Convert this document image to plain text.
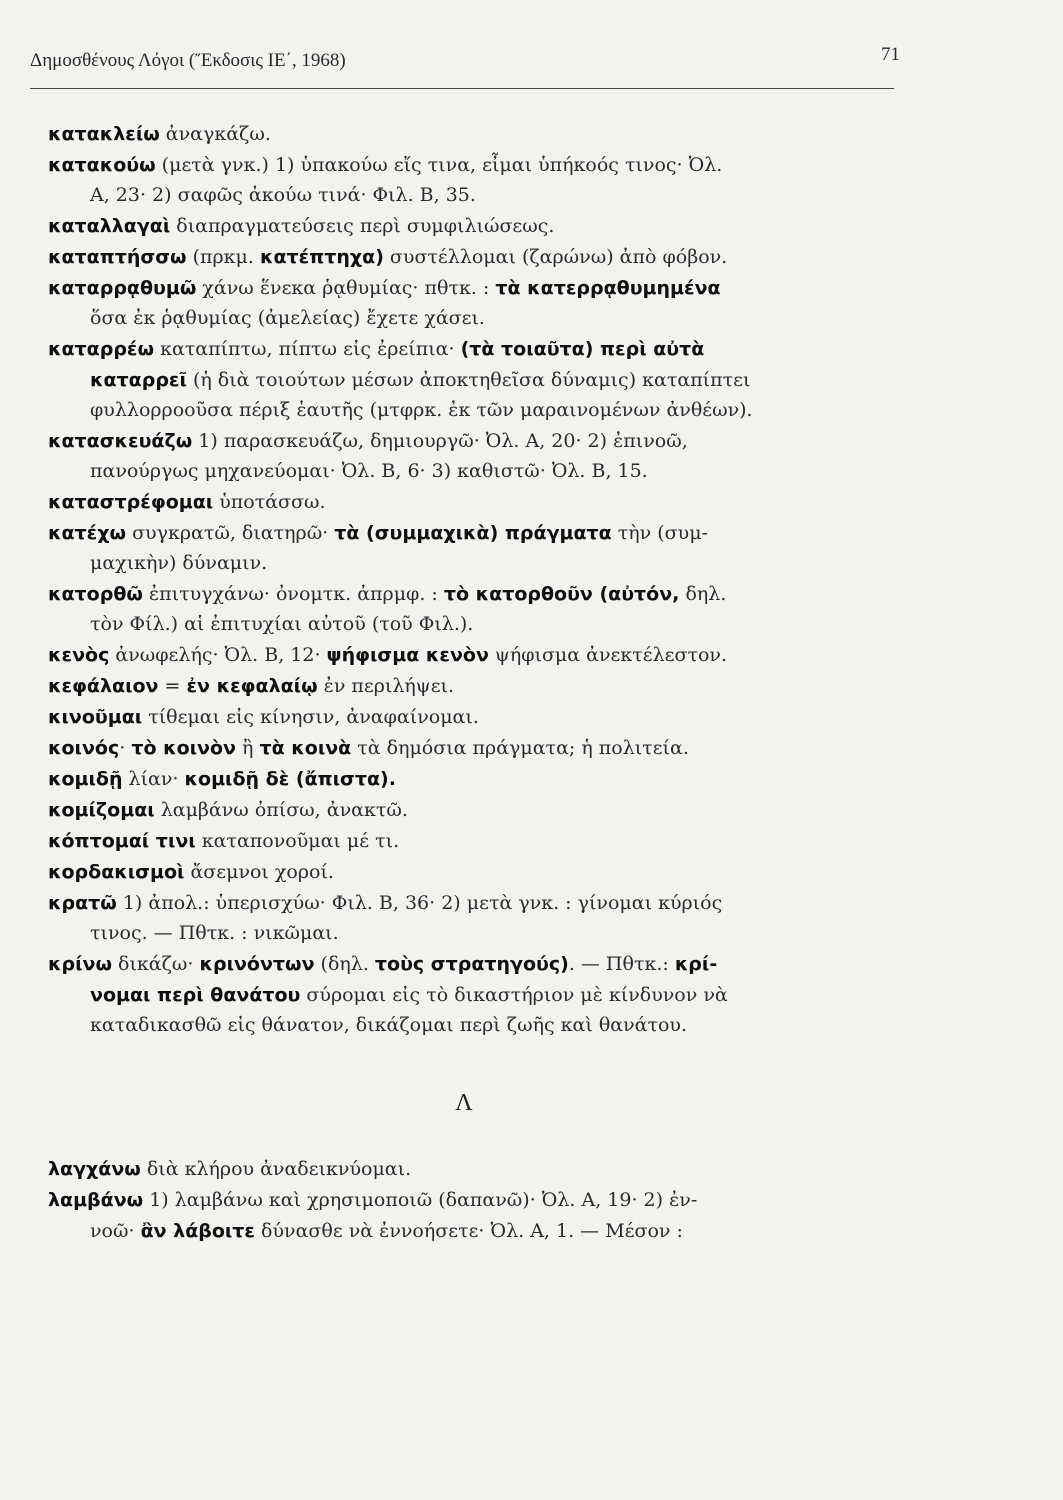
Δημοσθένους Λόγοι (Ἔκδοσις ΙΕ΄, 1968)	71

κατακλείω ἀναγκάζω.

κατακούω (μετὰ γνκ.) 1) ὑπακούω εἴς τινα, εἶμαι ὑπήκοός τινος· Ὀλ.
Α, 23· 2) σαφῶς ἀκούω τινά· Φιλ. Β, 35.

καταλλαγαὶ διαπραγματεύσεις περὶ συμφιλιώσεως.

καταπτήσσω (πρκμ. κατέπτηχα) συστέλλομαι (ζαρώνω) ἀπὸ φόβον.

καταρρᾳθυμῶ χάνω ἕνεκα ῥᾳθυμίας· πθτκ. : τὰ κατερρᾳθυμημένα
ὅσα ἐκ ῥᾳθυμίας (ἀμελείας) ἔχετε χάσει.

καταρρέω καταπίπτω, πίπτω εἰς ἐρείπια· (τὰ τοιαῦτα) περὶ αὐτὰ
καταρρεῖ (ἡ διὰ τοιούτων μέσων ἀποκτηθεῖσα δύναμις) καταπίπτει
φυλλορροοῦσα πέριξ ἑαυτῆς (μτφρκ. ἐκ τῶν μαραινομένων ἀνθέων).

κατασκευάζω 1) παρασκευάζω, δημιουργῶ· Ὀλ. Α, 20· 2) ἐπινοῶ,
πανούργως μηχανεύομαι· Ὀλ. Β, 6· 3) καθιστῶ· Ὀλ. Β, 15.

καταστρέφομαι ὑποτάσσω.

κατέχω συγκρατῶ, διατηρῶ· τὰ (συμμαχικὰ) πράγματα τὴν (συμ-
μαχικὴν) δύναμιν.

κατορθῶ ἐπιτυγχάνω· ὀνομτκ. ἀπρμφ. : τὸ κατορθοῦν (αὐτόν, δηλ.
τὸν Φίλ.) αἱ ἐπιτυχίαι αὐτοῦ (τοῦ Φιλ.).

κενὸς ἀνωφελής· Ὀλ. Β, 12· ψήφισμα κενὸν ψήφισμα ἀνεκτέλεστον.

κεφάλαιον = ἐν κεφαλαίῳ ἐν περιλήψει.

κινοῦμαι τίθεμαι εἰς κίνησιν, ἀναφαίνομαι.

κοινός· τὸ κοινὸν ἢ τὰ κοινὰ τὰ δημόσια πράγματα; ἡ πολιτεία.

κομιδῇ λίαν· κομιδῇ δὲ (ἄπιστα).

κομίζομαι λαμβάνω ὀπίσω, ἀνακτῶ.

κόπτομαί τινι καταπονοῦμαι μέ τι.

κορδακισμοὶ ἄσεμνοι χοροί.

κρατῶ 1) ἀπολ.: ὑπερισχύω· Φιλ. Β, 36· 2) μετὰ γνκ. : γίνομαι κύριός
τινος. — Πθτκ. : νικῶμαι.

κρίνω δικάζω· κρινόντων (δηλ. τοὺς στρατηγούς). — Πθτκ.: κρί-
νομαι περὶ θανάτου σύρομαι εἰς τὸ δικαστήριον μὲ κίνδυνον νὰ
καταδικασθῶ εἰς θάνατον, δικάζομαι περὶ ζωῆς καὶ θανάτου.

Λ

λαγχάνω διὰ κλήρου ἀναδεικνύομαι.

λαμβάνω 1) λαμβάνω καὶ χρησιμοποιῶ (δαπανῶ)· Ὀλ. Α, 19· 2) ἐν-
νοῶ· ἂν λάβοιτε δύνασθε νὰ ἐννοήσετε· Ὀλ. Α, 1. — Μέσον :
